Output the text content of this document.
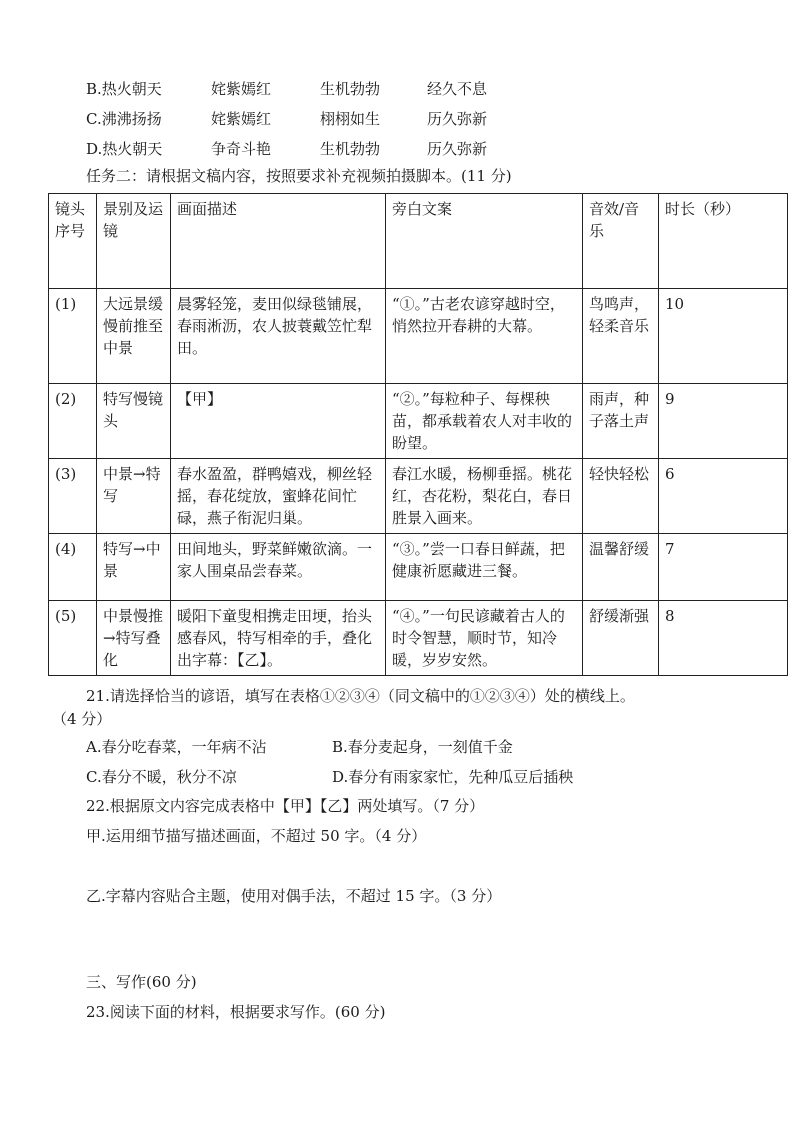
B.热火朝天	姹紫嫣红	生机勃勃	经久不息
C.沸沸扬扬	姹紫嫣红	栩栩如生	历久弥新
D.热火朝天	争奇斗艳	生机勃勃	历久弥新
任务二：请根据文稿内容，按照要求补充视频拍摄脚本。(11 分)
镜头序号	景别及运镜	画面描述	旁白文案	音效/音乐	时长（秒）
(1)	大远景缓慢前推至中景	晨雾轻笼，麦田似绿毯铺展，春雨淅沥，农人披蓑戴笠忙犁田。	“①。”古老农谚穿越时空，悄然拉开春耕的大幕。	鸟鸣声，轻柔音乐	10
(2)	特写慢镜头	【甲】	“②。”每粒种子、每棵秧苗，都承载着农人对丰收的盼望。	雨声，种子落土声	9
(3)	中景→特写	春水盈盈，群鸭嬉戏，柳丝轻摇，春花绽放，蜜蜂花间忙碌，燕子衔泥归巢。	春江水暖，杨柳垂摇。桃花红，杏花粉，梨花白，春日胜景入画来。	轻快轻松	6
(4)	特写→中景	田间地头，野菜鲜嫩欲滴。一家人围桌品尝春菜。	“③。”尝一口春日鲜蔬，把健康祈愿藏进三餐。	温馨舒缓	7
(5)	中景慢推→特写叠化	暖阳下童叟相携走田埂，抬头感春风，特写相牵的手，叠化出字幕：【乙】。	“④。”一句民谚藏着古人的时令智慧，顺时节，知冷暖，岁岁安然。	舒缓渐强	8
21.请选择恰当的谚语，填写在表格①②③④（同文稿中的①②③④）处的横线上。
（4 分）
A.春分吃春菜，一年病不沾	B.春分麦起身，一刻值千金
C.春分不暖，秋分不凉	D.春分有雨家家忙，先种瓜豆后插秧
22.根据原文内容完成表格中【甲】【乙】两处填写。（7 分）
甲.运用细节描写描述画面，不超过 50 字。（4 分）
乙.字幕内容贴合主题，使用对偶手法，不超过 15 字。（3 分）
三、写作(60 分)
23.阅读下面的材料，根据要求写作。(60 分)
